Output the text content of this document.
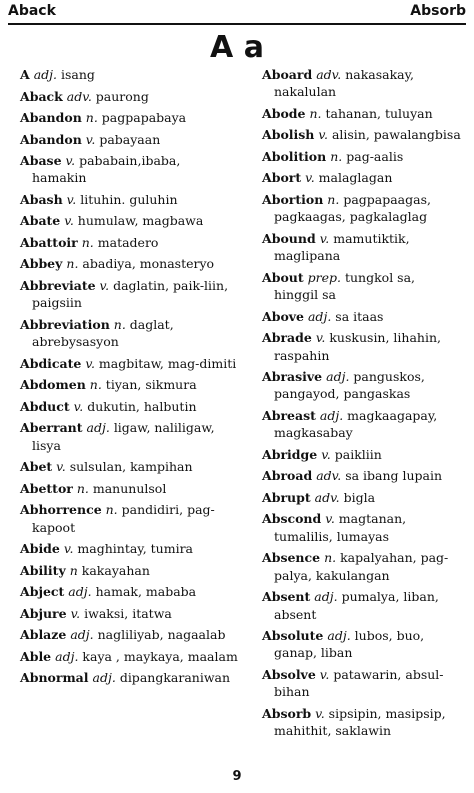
Aback	Absorb
A a
A adj. isang
Aback adv. paurong
Abandon n. pagpapabaya
Abandon v. pabayaan
Abase v. pababain,ibaba, hamakin
Abash v. lituhin. guluhin
Abate v. humulaw, magbawa
Abattoir n. matadero
Abbey n. abadiya, monasteryo
Abbreviate v. daglatin, paik-liin, paigsiin
Abbreviation n. daglat, abrebysasyon
Abdicate v. magbitaw, mag-dimiti
Abdomen n. tiyan, sikmura
Abduct v. dukutin, halbutin
Aberrant adj. ligaw, naliligaw, lisya
Abet v. sulsulan, kampihan
Abettor n. manunulsol
Abhorrence n. pandidiri, pag-kapoot
Abide v. maghintay, tumira
Ability n kakayahan
Abject adj. hamak, mababa
Abjure v. iwaksi, itatwa
Ablaze adj. nagliliyab, nagaalab
Able adj. kaya , maykaya, maalam
Abnormal adj. dipangkaraniwan
Aboard adv. nakasakay, nakalulan
Abode n. tahanan, tuluyan
Abolish v. alisin, pawalangbisa
Abolition n. pag-aalis
Abort v. malaglagan
Abortion n. pagpapaagas, pagkaagas, pagkalaglag
Abound v. mamutiktik, maglipana
About prep. tungkol sa, hinggil sa
Above adj. sa itaas
Abrade v. kuskusin, lihahin, raspahin
Abrasive adj. panguskos, pangayod, pangaskas
Abreast adj. magkaagapay, magkasabay
Abridge v. paikliin
Abroad adv. sa ibang lupain
Abrupt adv. bigla
Abscond v. magtanan, tumalilis, lumayas
Absence n. kapalyahan, pag-palya, kakulangan
Absent adj. pumalya, liban, absent
Absolute adj. lubos, buo, ganap, liban
Absolve v. patawarin, absul-bihan
Absorb v. sipsipin, masipsip, mahithit, saklawin
9
